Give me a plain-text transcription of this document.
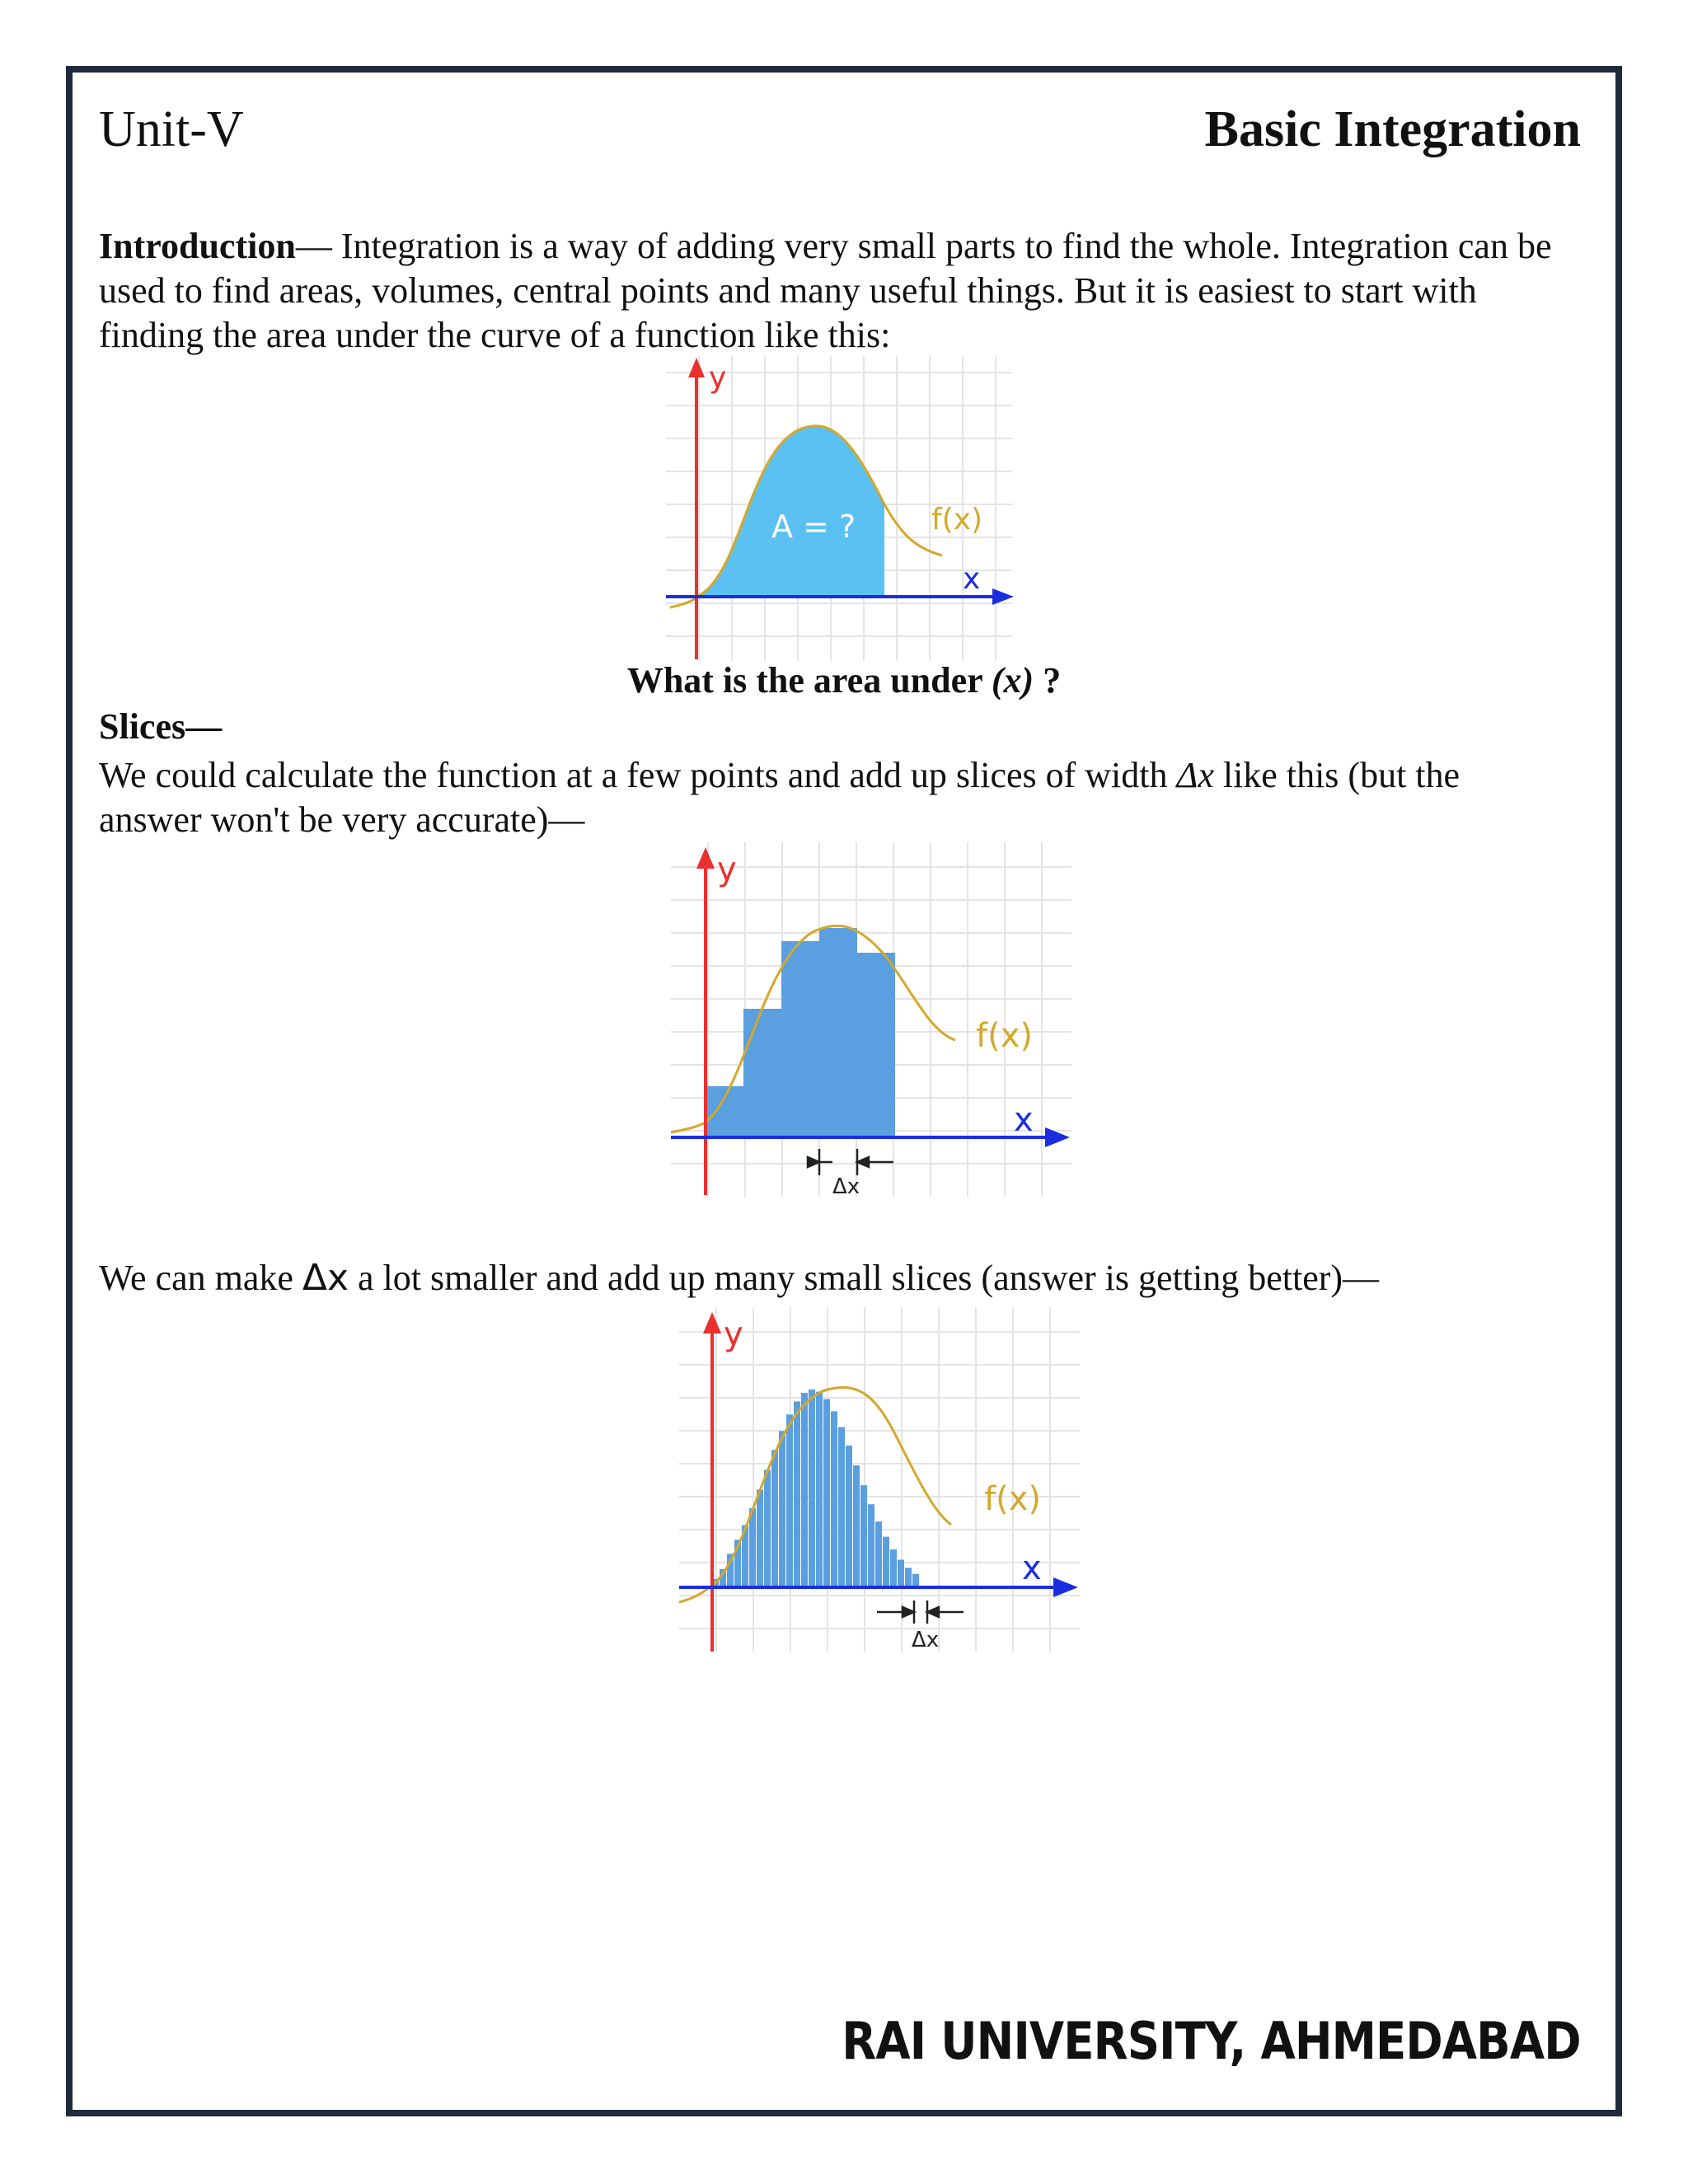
Unit-V	Basic Integration
Introduction— Integration is a way of adding very small parts to find the whole. Integration can be used to find areas, volumes, central points and many useful things. But it is easiest to start with finding the area under the curve of a function like this:
y
x
f(x)
A = ?
What is the area under (x) ?
Slices—
We could calculate the function at a few points and add up slices of width Δx like this (but the answer won't be very accurate)—
y
x
f(x)
Δx
We can make Δx a lot smaller and add up many small slices (answer is getting better)—
y
x
f(x)
Δx
RAI UNIVERSITY, AHMEDABAD
